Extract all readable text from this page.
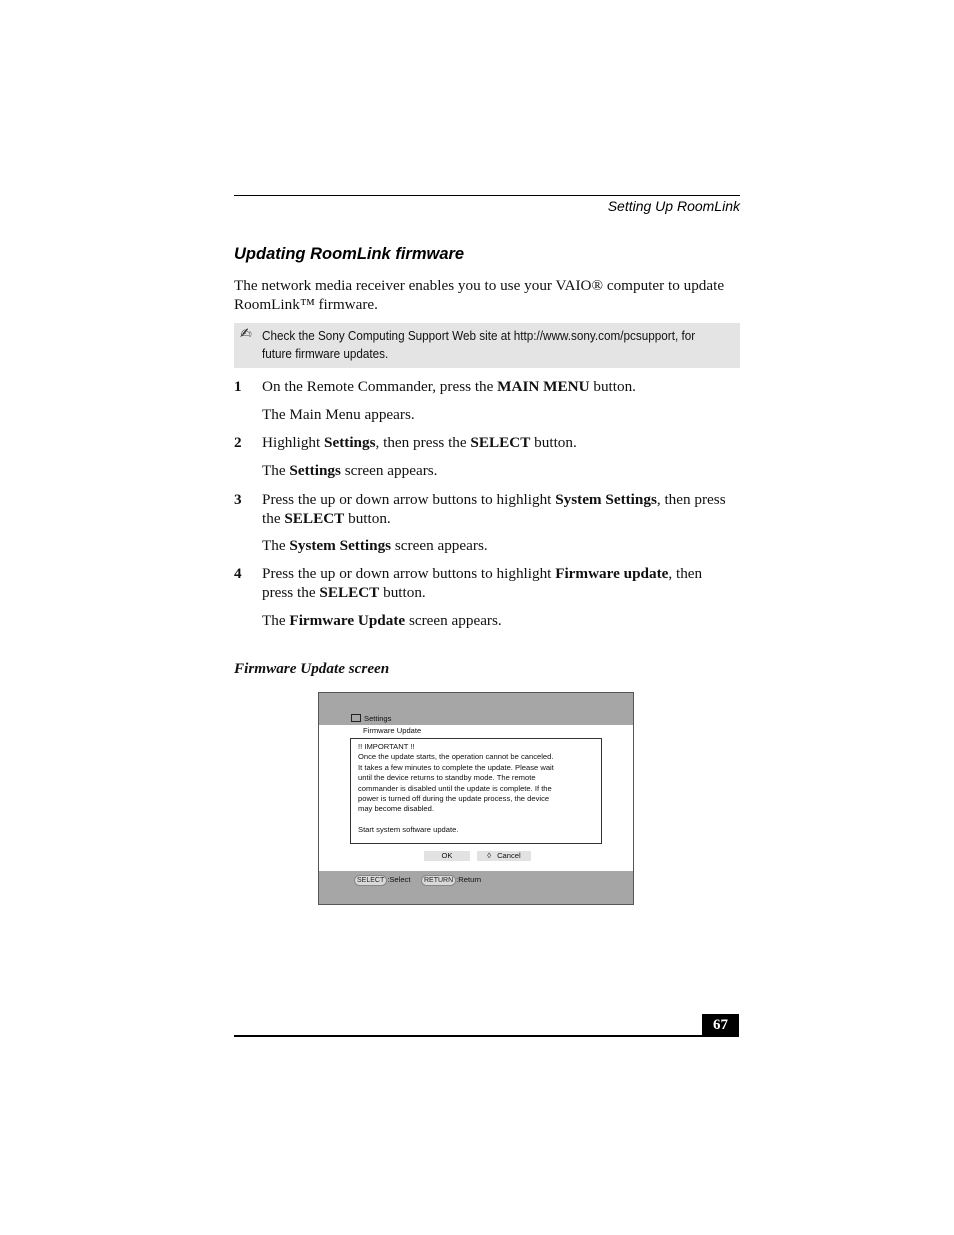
Setting Up RoomLink
Updating RoomLink firmware
The network media receiver enables you to use your VAIO® computer to update
RoomLink™ firmware.
✍ Check the Sony Computing Support Web site at http://www.sony.com/pcsupport, for
future firmware updates.
1 On the Remote Commander, press the MAIN MENU button.
The Main Menu appears.
2 Highlight Settings, then press the SELECT button.
The Settings screen appears.
3 Press the up or down arrow buttons to highlight System Settings, then press
the SELECT button.
The System Settings screen appears.
4 Press the up or down arrow buttons to highlight Firmware update, then
press the SELECT button.
The Firmware Update screen appears.
Firmware Update screen
Settings
Firmware Update
!! IMPORTANT !!
Once the update starts, the operation cannot be canceled.
It takes a few minutes to complete the update. Please wait
until the device returns to standby mode. The remote
commander is disabled until the update is complete. If the
power is turned off during the update process, the device
may become disabled.
Start system software update.
OK	◊ Cancel
SELECT :Select	RETURN :Return
67
